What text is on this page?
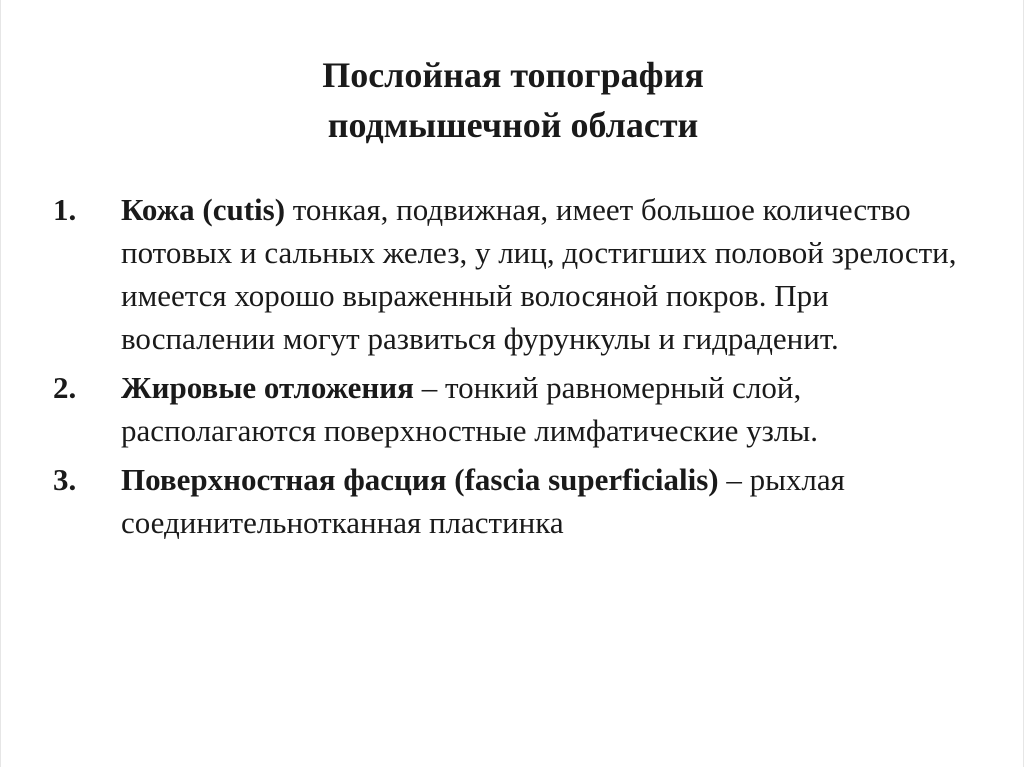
Послойная топография
подмышечной области
1. Кожа (cutis) тонкая, подвижная, имеет большое количество потовых и сальных желез, у лиц, достигших половой зрелости, имеется хорошо выраженный волосяной покров. При воспалении могут развиться фурункулы и гидраденит.
2. Жировые отложения – тонкий равномерный слой, располагаются поверхностные лимфатические узлы.
3. Поверхностная фасция (fascia superficialis) – рыхлая соединительнотканная пластинка
